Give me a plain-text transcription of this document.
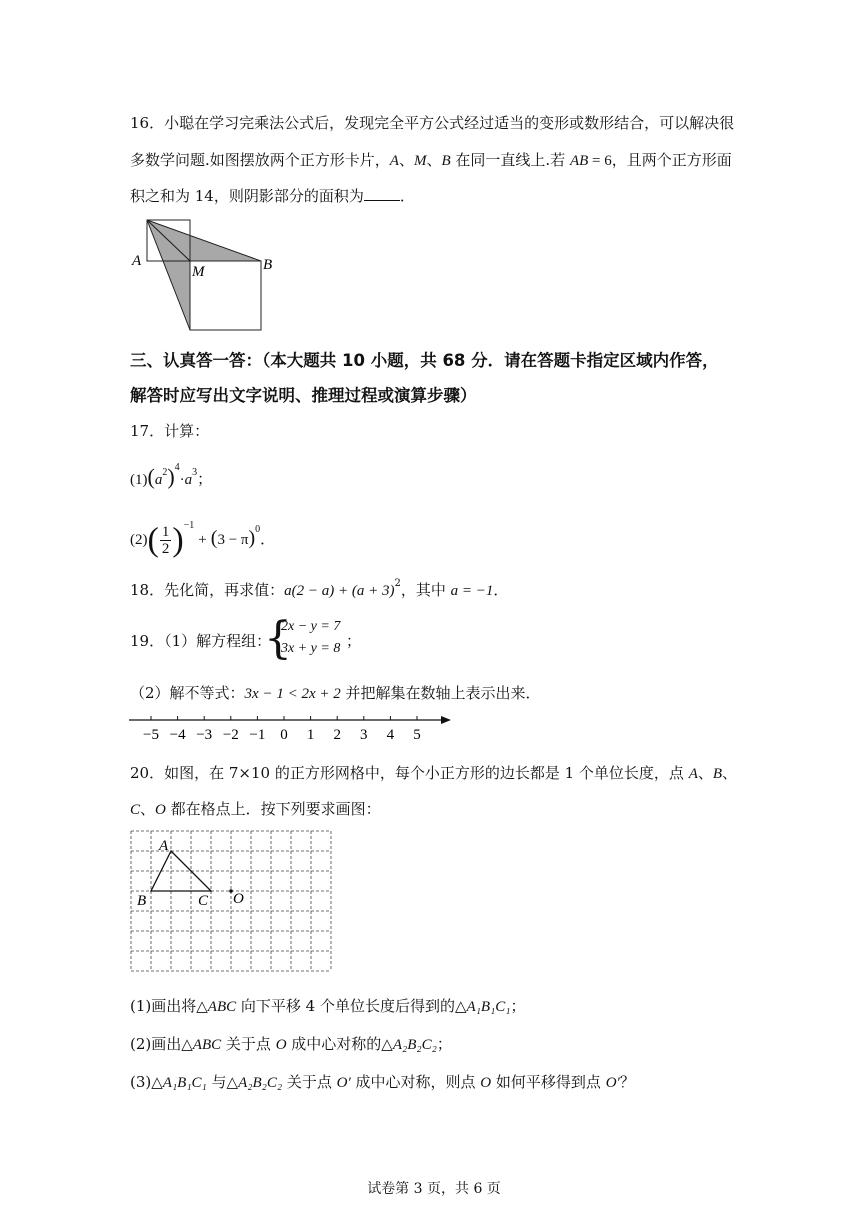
16．小聪在学习完乘法公式后，发现完全平方公式经过适当的变形或数形结合，可以解决很
多数学问题.如图摆放两个正方形卡片，A、M、B 在同一直线上.若 AB = 6，且两个正方形面
积之和为 14，则阴影部分的面积为 ．
A
M	B
三、认真答一答：（本大题共 10 小题，共 68 分．请在答题卡指定区域内作答，
解答时应写出文字说明、推理过程或演算步骤）
17．计算：
$(1)(a^2)^4\cdot a^3$；
$(2)( \frac{1}{2} )^{-1}+ (3 - \pi)^0$．
18．先化简，再求值：$a(2 - a) + (a + 3)^2$，其中 a = −1．
19．（1）解方程组：
{
2x − y = 7
3x + y = 8 ；
（2）解不等式：3x − 1 < 2x + 2 并把解集在数轴上表示出来．
−5 −4 −3 −2 −1 0 1 2 3 4 5
20．如图，在 7×10 的正方形网格中，每个小正方形的边长都是 1 个单位长度，点 A、B、
C、O 都在格点上．按下列要求画图：
A
B	C O
(1)画出将△ABC 向下平移 4 个单位长度后得到的△A₁B₁C₁；
(2)画出△ABC 关于点 O 成中心对称的△A₂B₂C₂；
(3)△A₁B₁C₁ 与△A₂B₂C₂ 关于点 O′ 成中心对称，则点 O 如何平移得到点 O′？
试卷第 3 页，共 6 页
